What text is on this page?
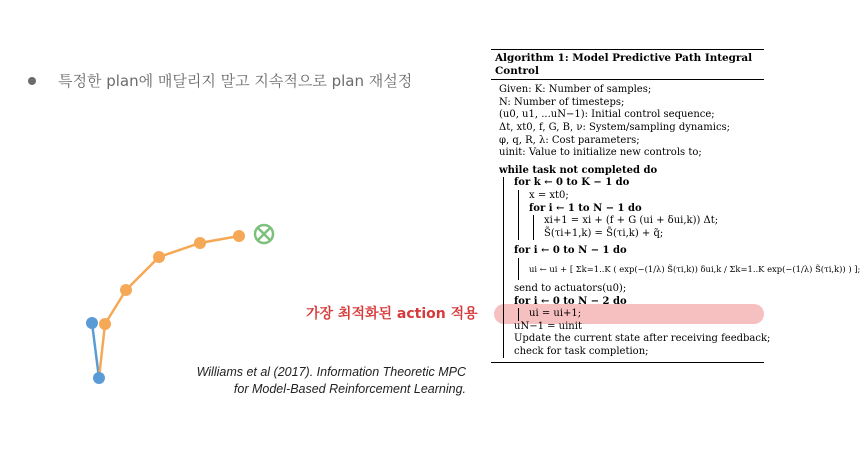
특정한 plan에 매달리지 말고 지속적으로 plan 재설정
Williams et al (2017). Information Theoretic MPC
for Model-Based Reinforcement Learning.
가장 최적화된 action 적용
Algorithm 1: Model Predictive Path Integral Control
Given: K: Number of samples;
N: Number of timesteps;
(u0, u1, ...uN−1): Initial control sequence;
Δt, xt0, f, G, B, ν: System/sampling dynamics;
φ, q, R, λ: Cost parameters;
uinit: Value to initialize new controls to;
while task not completed do
for k ← 0 to K − 1 do
x = xt0;
for i ← 1 to N − 1 do
xi+1 = xi + (f + G (ui + δui,k)) Δt;
S̃(τi+1,k) = S̃(τi,k) + q̃;
for i ← 0 to N − 1 do
ui ← ui + [ Σk=1..K ( exp(−(1/λ) S̃(τi,k)) δui,k / Σk=1..K exp(−(1/λ) S̃(τi,k)) ) ];
send to actuators(u0);
for i ← 0 to N − 2 do
ui = ui+1;
uN−1 = uinit
Update the current state after receiving feedback;
check for task completion;
